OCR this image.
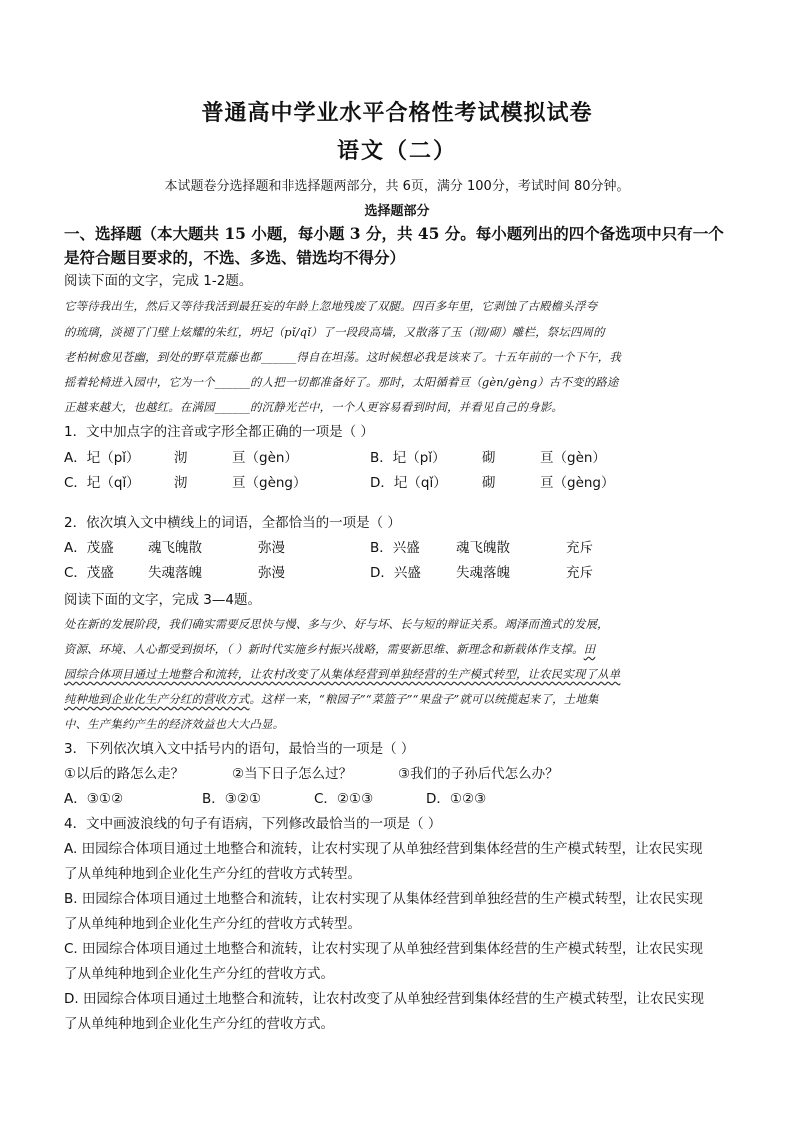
普通高中学业水平合格性考试模拟试卷
语文（二）
本试题卷分选择题和非选择题两部分，共 6页，满分 100分，考试时间 80分钟。
选择题部分
一、选择题（本大题共 15 小题，每小题 3 分，共 45 分。每小题列出的四个备选项中只有一个
是符合题目要求的，不选、多选、错选均不得分）
阅读下面的文字，完成 1-2题。
它等待我出生，然后又等待我活到最狂妄的年龄上忽地残废了双腿。四百多年里，它剥蚀了古殿檐头浮夸
的琉璃，淡褪了门壁上炫耀的朱红，坍圮（pǐ/qǐ）了一段段高墙，又散落了玉（沏/砌）雕栏，祭坛四周的
老柏树愈见苍幽，到处的野草荒藤也都______得自在坦荡。这时候想必我是该来了。十五年前的一个下午，我
摇着轮椅进入园中，它为一个______的人把一切都准备好了。那时，太阳循着亘（gèn/gèng）古不变的路途
正越来越大，也越红。在满园______的沉静光芒中，一个人更容易看到时间，并看见自己的身影。
1．文中加点字的注音或字形全都正确的一项是（ ）
A．圮（pǐ）	沏	亘（gèn）	B．圮（pǐ）	砌	亘（gèn）
C．圮（qǐ）	沏	亘（gèng）	D．圮（qǐ）	砌	亘（gèng）
2．依次填入文中横线上的词语，全都恰当的一项是（ ）
A．茂盛	魂飞魄散	弥漫	B．兴盛	魂飞魄散	充斥
C．茂盛	失魂落魄	弥漫	D．兴盛	失魂落魄	充斥
阅读下面的文字，完成 3—4题。
处在新的发展阶段，我们确实需要反思快与慢、多与少、好与坏、长与短的辩证关系。竭泽而渔式的发展，
资源、环境、人心都受到损坏，（ ）新时代实施乡村振兴战略，需要新思维、新理念和新载体作支撑。田
园综合体项目通过土地整合和流转，让农村改变了从集体经营到单独经营的生产模式转型，让农民实现了从单
纯种地到企业化生产分红的营收方式。这样一来，“粮园子”“菜篮子”“果盘子”就可以统揽起来了，土地集
中、生产集约产生的经济效益也大大凸显。
3．下列依次填入文中括号内的语句，最恰当的一项是（ ）
①以后的路怎么走？	②当下日子怎么过？	③我们的子孙后代怎么办？
A．③①②	B．③②①	C．②①③	D．①②③
4．文中画波浪线的句子有语病，下列修改最恰当的一项是（ ）
A. 田园综合体项目通过土地整合和流转，让农村实现了从单独经营到集体经营的生产模式转型，让农民实现
了从单纯种地到企业化生产分红的营收方式转型。
B. 田园综合体项目通过土地整合和流转，让农村实现了从集体经营到单独经营的生产模式转型，让农民实现
了从单纯种地到企业化生产分红的营收方式转型。
C. 田园综合体项目通过土地整合和流转，让农村实现了从单独经营到集体经营的生产模式转型，让农民实现
了从单纯种地到企业化生产分红的营收方式。
D. 田园综合体项目通过土地整合和流转，让农村改变了从单独经营到集体经营的生产模式转型，让农民实现
了从单纯种地到企业化生产分红的营收方式。
